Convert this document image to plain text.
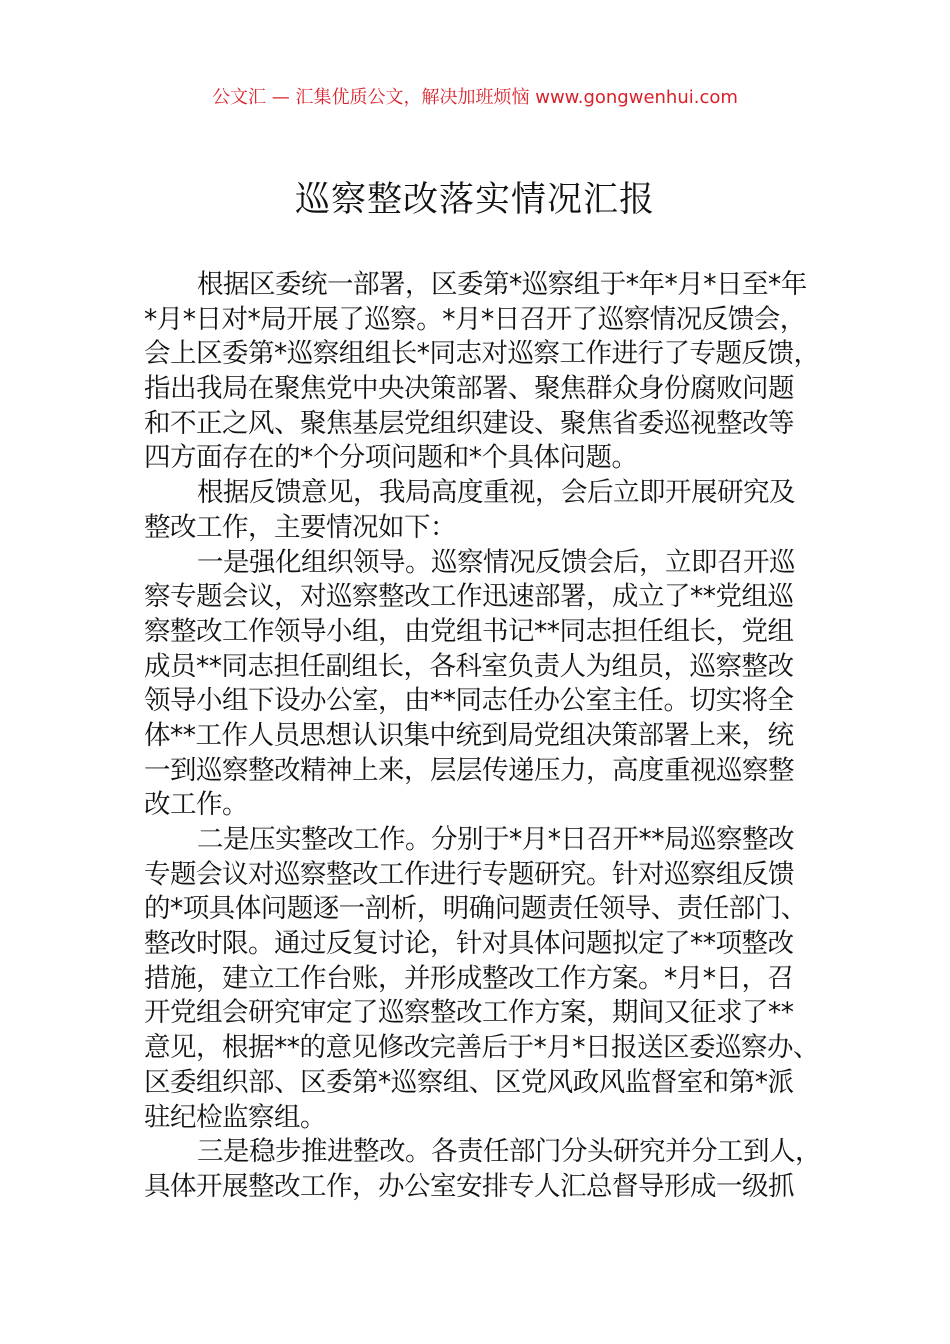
公文汇 — 汇集优质公文，解决加班烦恼 www.gongwenhui.com
巡察整改落实情况汇报
根据区委统一部署，区委第*巡察组于*年*月*日至*年
*月*日对*局开展了巡察。*月*日召开了巡察情况反馈会，
会上区委第*巡察组组长*同志对巡察工作进行了专题反馈，
指出我局在聚焦党中央决策部署、聚焦群众身份腐败问题
和不正之风、聚焦基层党组织建设、聚焦省委巡视整改等
四方面存在的*个分项问题和*个具体问题。
根据反馈意见，我局高度重视，会后立即开展研究及
整改工作，主要情况如下：
一是强化组织领导。巡察情况反馈会后，立即召开巡
察专题会议，对巡察整改工作迅速部署，成立了**党组巡
察整改工作领导小组，由党组书记**同志担任组长，党组
成员**同志担任副组长，各科室负责人为组员，巡察整改
领导小组下设办公室，由**同志任办公室主任。切实将全
体**工作人员思想认识集中统到局党组决策部署上来，统
一到巡察整改精神上来，层层传递压力，高度重视巡察整
改工作。
二是压实整改工作。分别于*月*日召开**局巡察整改
专题会议对巡察整改工作进行专题研究。针对巡察组反馈
的*项具体问题逐一剖析，明确问题责任领导、责任部门、
整改时限。通过反复讨论，针对具体问题拟定了**项整改
措施，建立工作台账，并形成整改工作方案。*月*日，召
开党组会研究审定了巡察整改工作方案，期间又征求了**
意见，根据**的意见修改完善后于*月*日报送区委巡察办、
区委组织部、区委第*巡察组、区党风政风监督室和第*派
驻纪检监察组。
三是稳步推进整改。各责任部门分头研究并分工到人，
具体开展整改工作，办公室安排专人汇总督导形成一级抓
